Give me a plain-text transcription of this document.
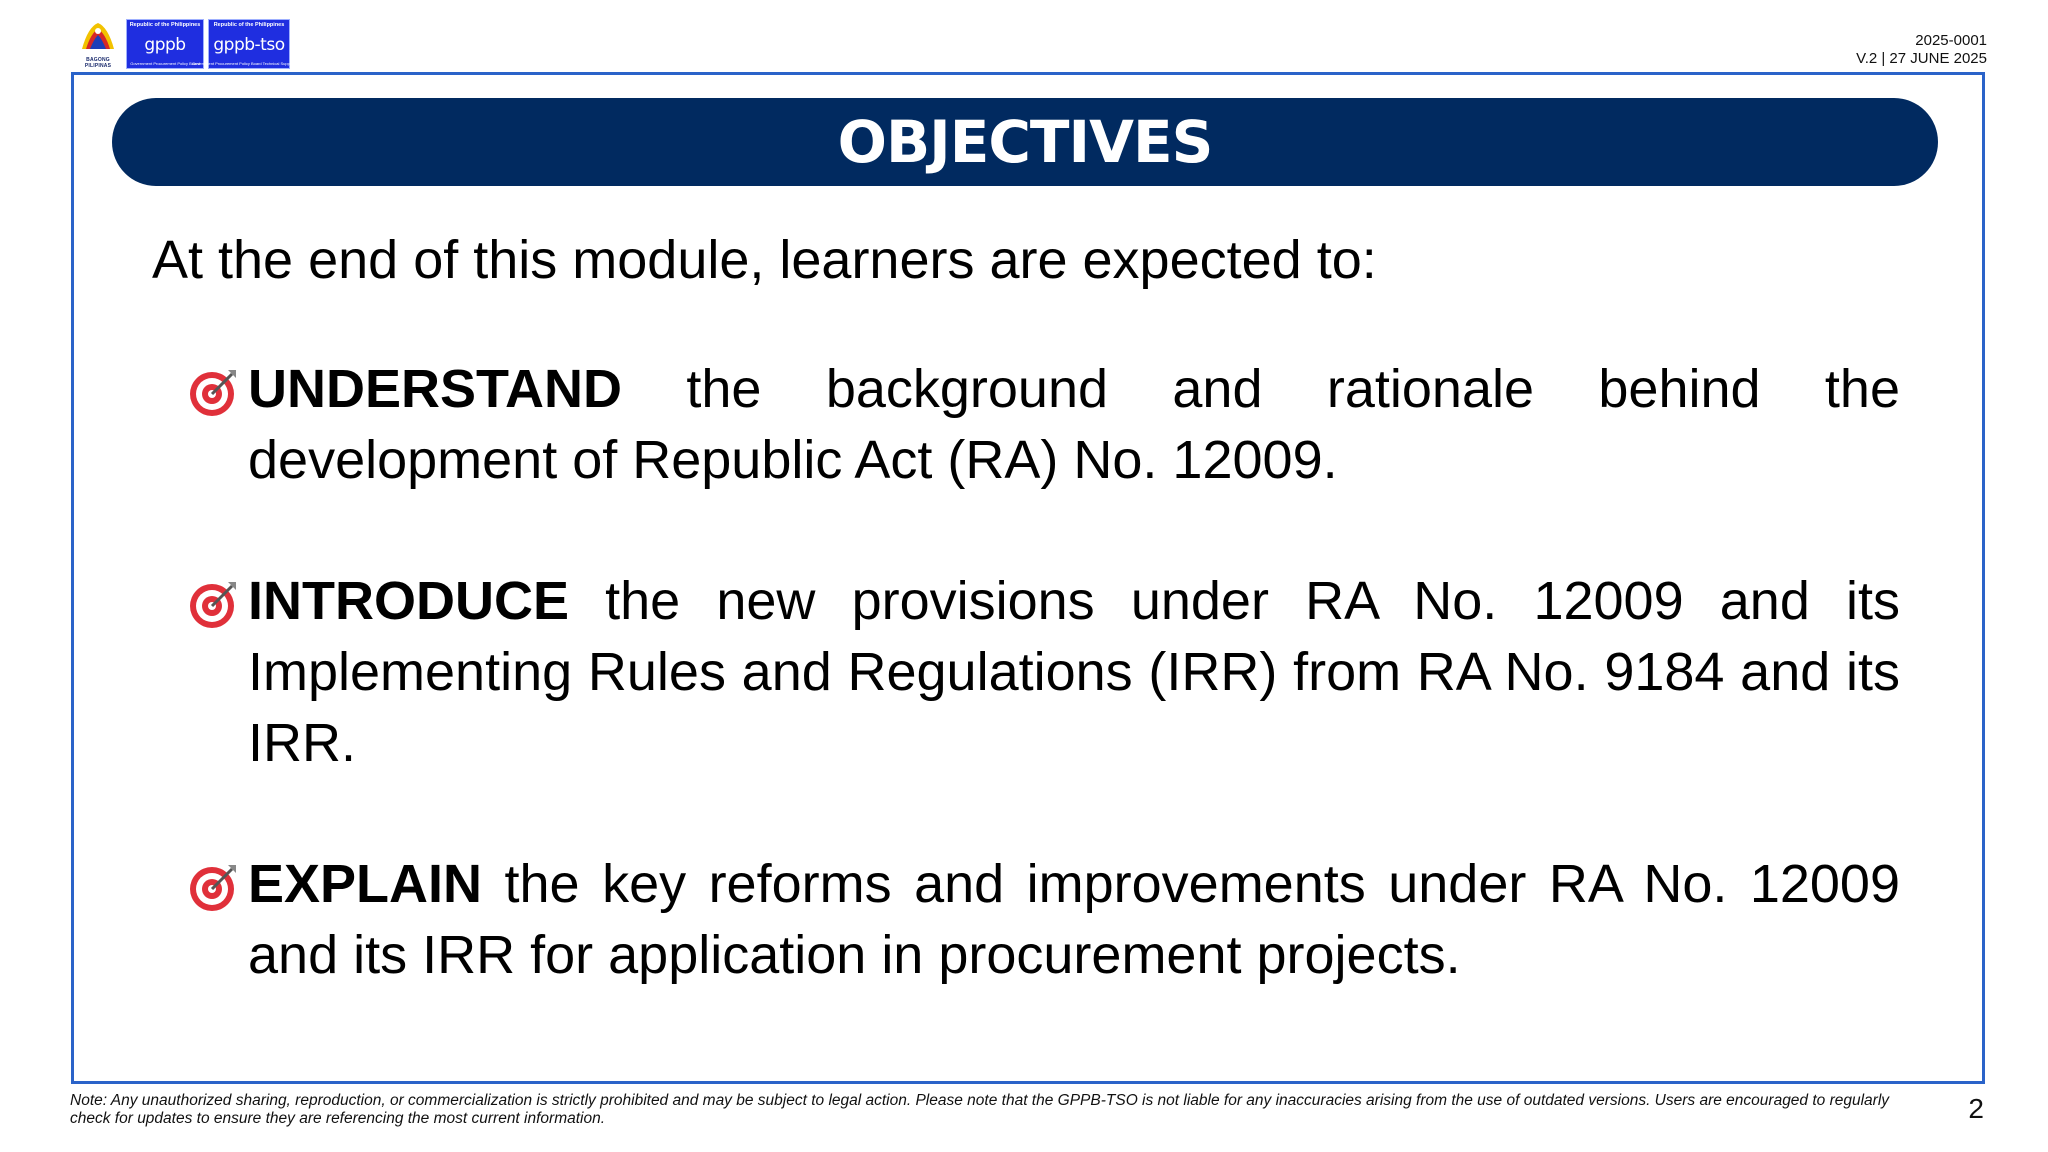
BAGONG PILIPINAS
Republic of the Philippines
gppb
Government Procurement Policy Board
Republic of the Philippines
gppb-tso
Government Procurement Policy Board Technical Support Office
2025-0001
V.2 | 27 JUNE 2025
OBJECTIVES
At the end of this module, learners are expected to:
UNDERSTAND the background and rationale behind the development of Republic Act (RA) No. 12009.
INTRODUCE the new provisions under RA No. 12009 and its Implementing Rules and Regulations (IRR) from RA No. 9184 and its IRR.
EXPLAIN the key reforms and improvements under RA No. 12009 and its IRR for application in procurement projects.
Note: Any unauthorized sharing, reproduction, or commercialization is strictly prohibited and may be subject to legal action. Please note that the GPPB-TSO is not liable for any inaccuracies arising from the use of outdated versions. Users are encouraged to regularly check for updates to ensure they are referencing the most current information.	2
